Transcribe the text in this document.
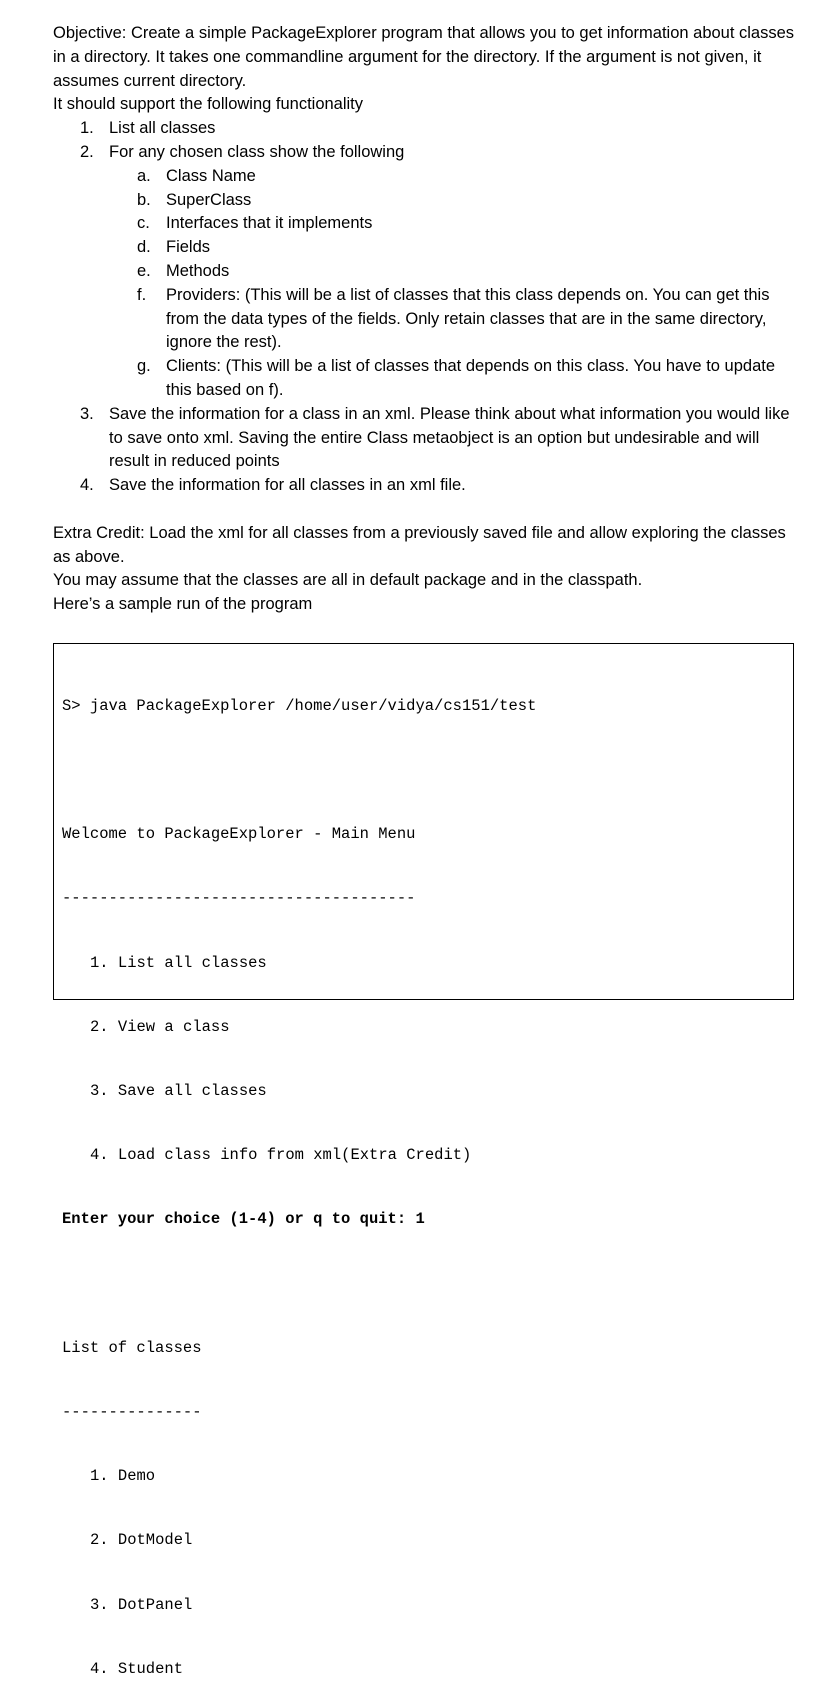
Objective: Create a simple PackageExplorer program that allows you to get information about classes in a directory. It takes one commandline argument for the directory. If the argument is not given, it assumes current directory.

It should support the following functionality

1. List all classes
2. For any chosen class show the following
a. Class Name
b. SuperClass
c. Interfaces that it implements
d. Fields
e. Methods
f. Providers: (This will be a list of classes that this class depends on. You can get this from the data types of the fields. Only retain classes that are in the same directory, ignore the rest).
g. Clients: (This will be a list of classes that depends on this class. You have to update this based on f).
3. Save the information for a class in an xml. Please think about what information you would like to save onto xml. Saving the entire Class metaobject is an option but undesirable and will result in reduced points
4. Save the information for all classes in an xml file.

Extra Credit: Load the xml for all classes from a previously saved file and allow exploring the classes as above.

You may assume that the classes are all in default package and in the classpath.

Here’s a sample run of the program

S> java PackageExplorer /home/user/vidya/cs151/test

Welcome to PackageExplorer - Main Menu

--------------------------------------

1. List all classes

2. View a class

3. Save all classes

4. Load class info from xml(Extra Credit)

Enter your choice (1-4) or q to quit: 1

List of classes

---------------

1. Demo

2. DotModel

3. DotPanel

4. Student
